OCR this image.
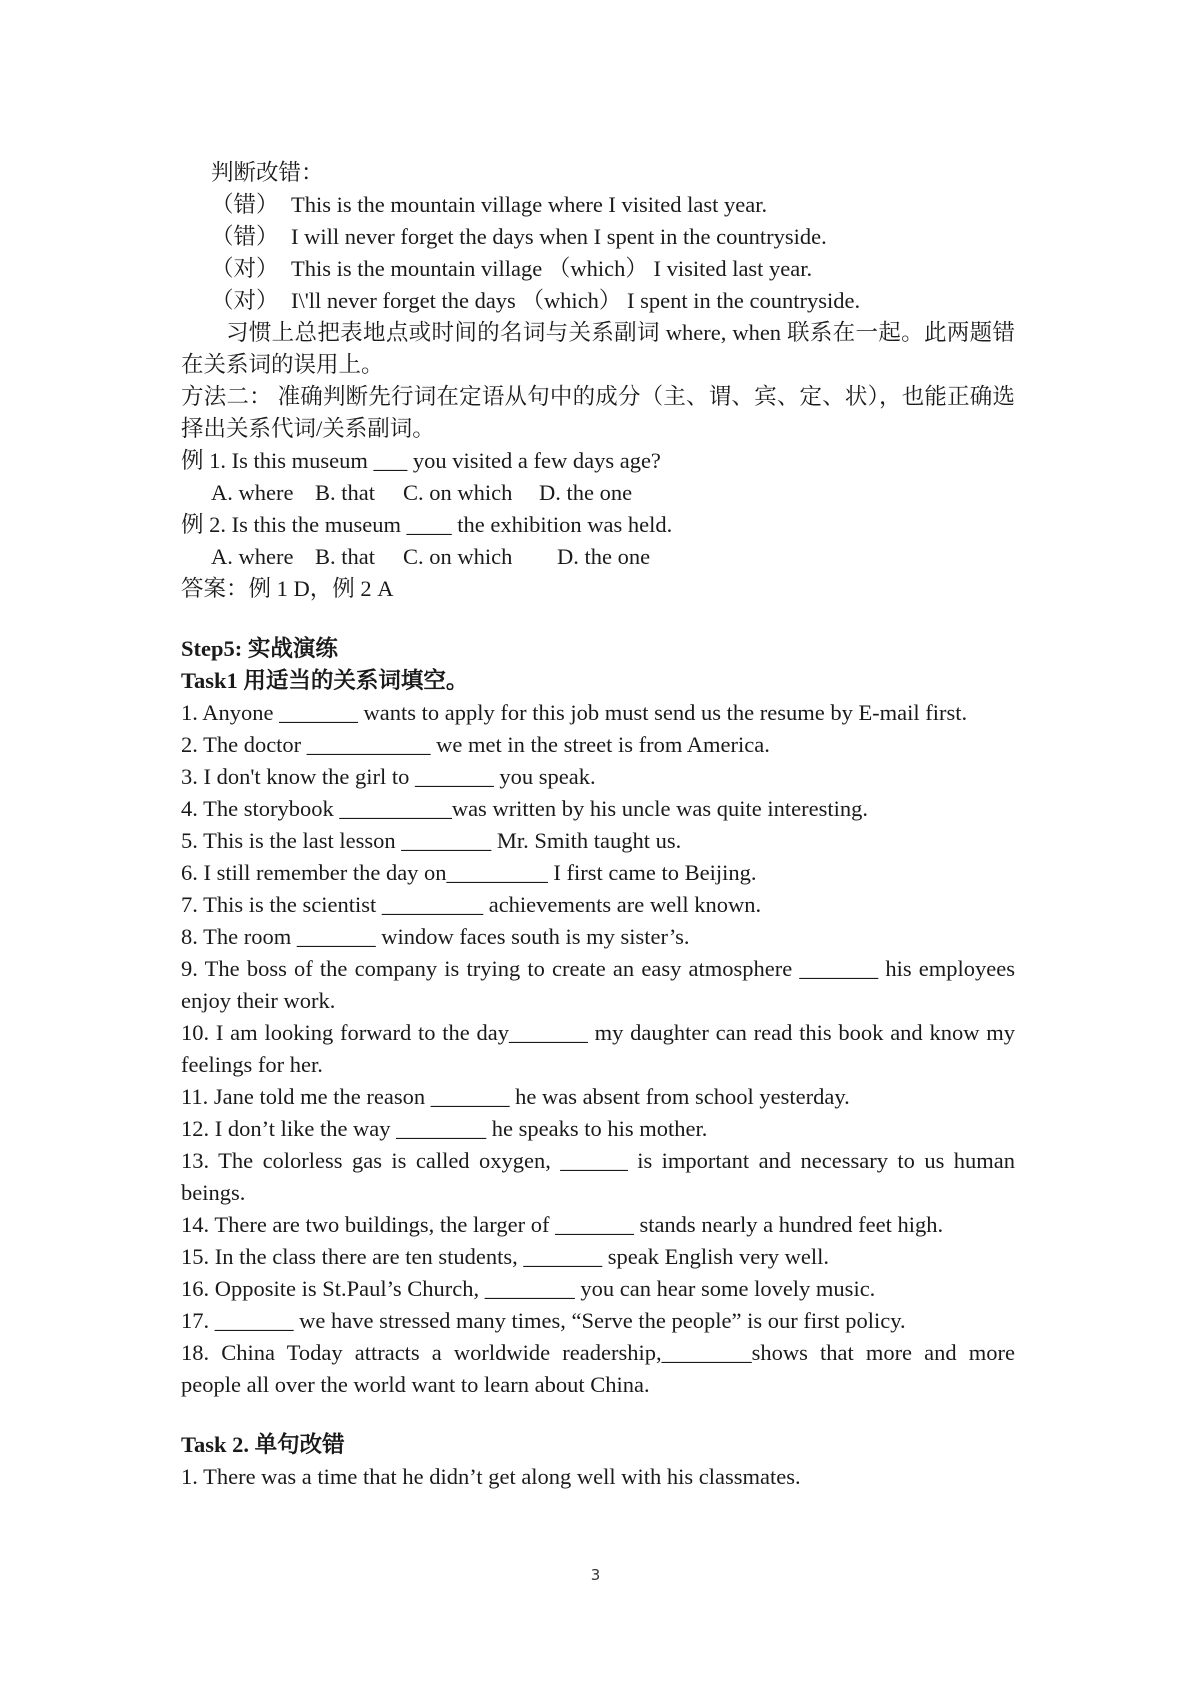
判断改错：
（错） This is the mountain village where I visited last year.
（错） I will never forget the days when I spent in the countryside.
（对） This is the mountain village （which） I visited last year.
（对） I\'ll never forget the days （which） I spent in the countryside.
习惯上总把表地点或时间的名词与关系副词 where, when 联系在一起。此两题错在关系词的误用上。
方法二： 准确判断先行词在定语从句中的成分（主、谓、宾、定、状），也能正确选择出关系代词/关系副词。
例 1. Is this museum ___ you visited a few days age?
A. where B. that C. on which D. the one
例 2. Is this the museum ____ the exhibition was held.
A. where B. that C. on which D. the one
答案：例 1 D，例 2 A
Step5: 实战演练
Task1 用适当的关系词填空。
1. Anyone _______ wants to apply for this job must send us the resume by E-mail first.
2. The doctor ___________ we met in the street is from America.
3. I don't know the girl to _______ you speak.
4. The storybook __________was written by his uncle was quite interesting.
5. This is the last lesson ________ Mr. Smith taught us.
6. I still remember the day on_________ I first came to Beijing.
7. This is the scientist _________ achievements are well known.
8. The room _______ window faces south is my sister’s.
9. The boss of the company is trying to create an easy atmosphere _______ his employees enjoy their work.
10. I am looking forward to the day_______ my daughter can read this book and know my feelings for her.
11. Jane told me the reason _______ he was absent from school yesterday.
12. I don’t like the way ________ he speaks to his mother.
13. The colorless gas is called oxygen, ______ is important and necessary to us human beings.
14. There are two buildings, the larger of _______ stands nearly a hundred feet high.
15. In the class there are ten students, _______ speak English very well.
16. Opposite is St.Paul’s Church, ________ you can hear some lovely music.
17. _______ we have stressed many times, “Serve the people” is our first policy.
18. China Today attracts a worldwide readership,________shows that more and more people all over the world want to learn about China.
Task 2. 单句改错
1. There was a time that he didn’t get along well with his classmates.
3
